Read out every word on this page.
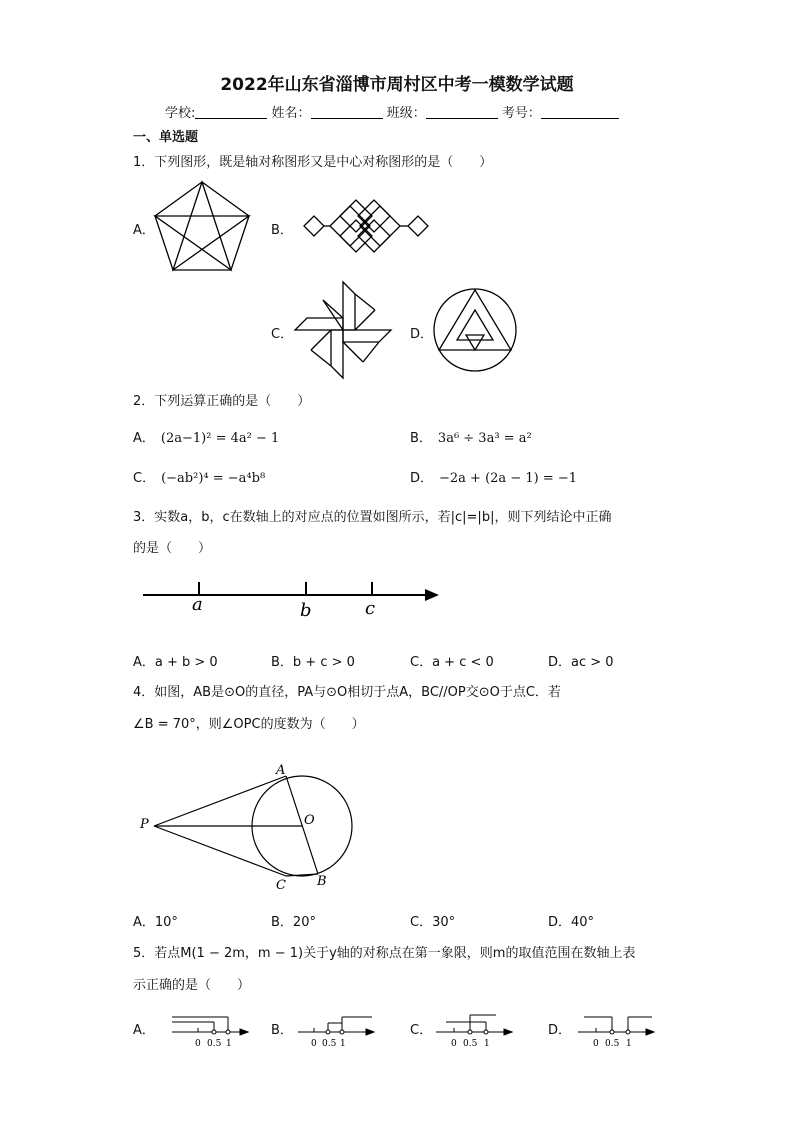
2022年山东省淄博市周村区中考一模数学试题
学校:	姓名：	班级：	考号：
一、单选题
1．下列图形，既是轴对称图形又是中心对称图形的是（　　）
A．	B．
C．	D．
2．下列运算正确的是（　　）
A． (2a−1)² = 4a² − 1	B． 3a⁶ ÷ 3a³ = a²
C． (−ab²)⁴ = −a⁴b⁸	D． −2a + (2a − 1) = −1
3．实数a，b，c在数轴上的对应点的位置如图所示，若|c|=|b|，则下列结论中正确
的是（　　）
a	b	c
A．a + b > 0	B．b + c > 0	C．a + c < 0	D．ac > 0
4．如图，AB是⊙O的直径，PA与⊙O相切于点A，BC//OP交⊙O于点C．若
∠B = 70°，则∠OPC的度数为（　　）
A
O
P
C B
A．10°	B．20°	C．30°	D．40°
5．若点M(1 − 2m，m − 1)关于y轴的对称点在第一象限，则m的取值范围在数轴上表
示正确的是（　　）
A．
0 0.5 1
B．
0 0.5 1
C．
0 0.5 1
D．
0 0.5 1
